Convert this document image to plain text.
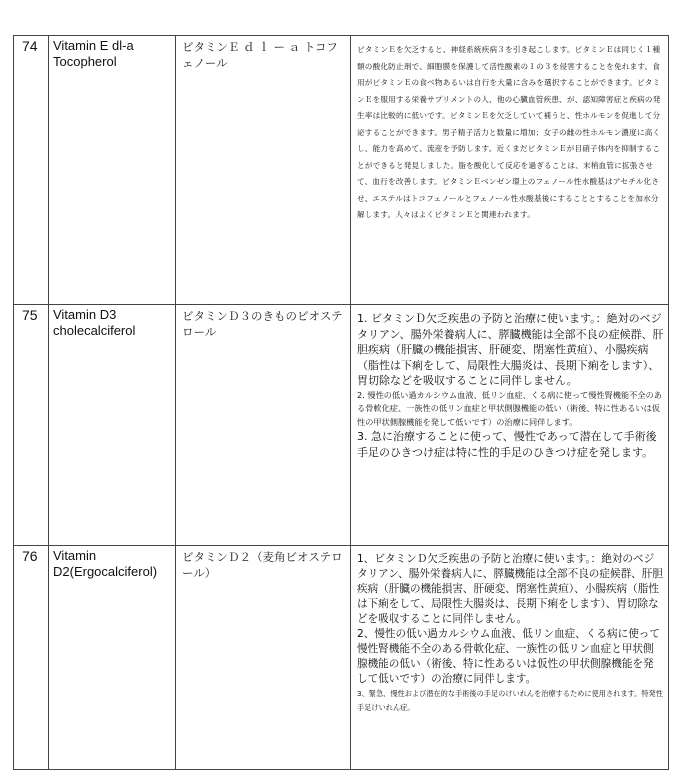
74	Vitamin E dl-a Tocopherol	ビタミンＥ ｄ ｌ ー ａ トコフェノール	ビタミンＥを欠乏すると、神経系統疾病３を引き起こします。ビタミンＥは同じく１種類の酸化防止剤で、細胞膜を保護して活性酸素の１の３を侵害することを免れます。食用がビタミンＥの食べ物あるいは自行を大量に含みを選択することができます。ビタミンＥを服用する栄養サプリメントの人、他の心臓血管疾患、が、認知障害症と疾病の発生率は比較的に低いです。ビタミンＥを欠乏していて補うと、性ホルモンを促進して分泌することができます。男子精子活力と数量に増加；女子の雌の性ホルモン濃度に高くし、能力を高めて、流産を予防します。近くまだビタミンＥが目硝子体内を抑制することができると発見しました。脂を酸化して反応を過ぎることは、末梢血管に拡張させて、血行を改善します。ビタミンＥベンゼン環上のフェノール性水酸基はアセチル化させ、エステルはトコフェノールとフェノール性水酸基後にすることとすることを加水分解します。人々はよくビタミンＥと関連われます。

75	Vitamin D3 cholecalciferol	ビタミンＤ３のきものビオステロール	1. ビタミンＤ欠乏疾患の予防と治療に使います。：絶対のベジタリアン、腸外栄養病人に、膵臓機能は全部不良の症候群、肝胆疾病（肝臓の機能損害、肝硬変、閉塞性黄疸）、小腸疾病（脂性は下痢をして、局限性大腸炎は、長期下痢をします）、胃切除などを吸収することに同伴しません。

2. 慢性の低い過カルシウム血液、低リン血症、くる病に使って慢性腎機能不全のある骨軟化症、一族性の低リン血症と甲状側腺機能の低い（術後、特に性あるいは仮性の甲状側腺機能を発して低いです）の治療に同伴します。

3. 急に治療することに使って、慢性であって潜在して手術後手足のひきつけ症は特に性的手足のひきつけ症を発します。

76	Vitamin D2(Ergocalciferol)	ビタミンＤ２（麦角ビオステロール）	1、ビタミンＤ欠乏疾患の予防と治療に使います。：絶対のベジタリアン、腸外栄養病人に、膵臓機能は全部不良の症候群、肝胆疾病（肝臓の機能損害、肝硬変、閉塞性黄疸）、小腸疾病（脂性は下痢をして、局限性大腸炎は、長期下痢をします）、胃切除などを吸収することに同伴しません。

2、慢性の低い過カルシウム血液、低リン血症、くる病に使って慢性腎機能不全のある骨軟化症、一族性の低リン血症と甲状側腺機能の低い（術後、特に性あるいは仮性の甲状側腺機能を発して低いです）の治療に同伴します。

3、緊急、慢性および潜在的な手術後の手足のけいれんを治療するために使用されます。特発性手足けいれん症。
